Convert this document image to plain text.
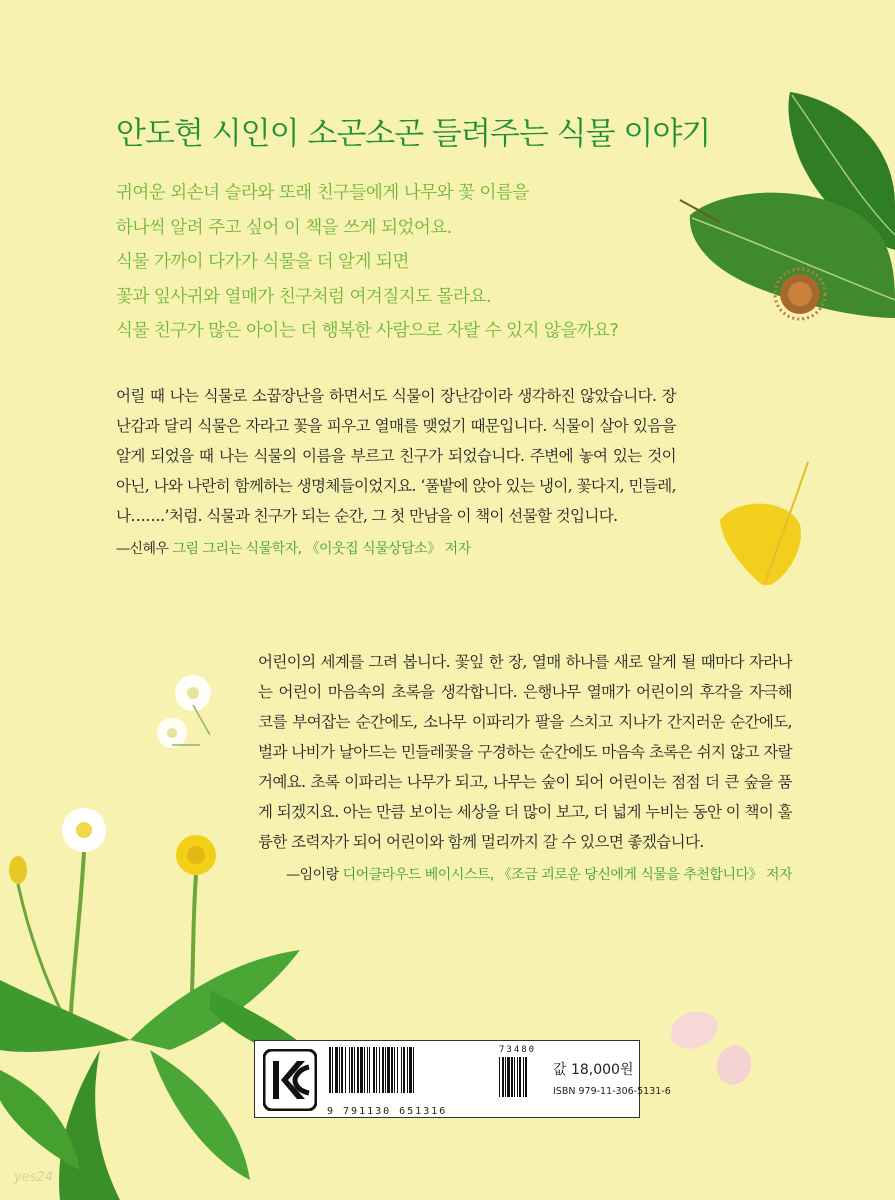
안도현 시인이 소곤소곤 들려주는 식물 이야기
귀여운 외손녀 슬라와 또래 친구들에게 나무와 꽃 이름을
하나씩 알려 주고 싶어 이 책을 쓰게 되었어요.
식물 가까이 다가가 식물을 더 알게 되면
꽃과 잎사귀와 열매가 친구처럼 여겨질지도 몰라요.
식물 친구가 많은 아이는 더 행복한 사람으로 자랄 수 있지 않을까요?

어릴 때 나는 식물로 소꿉장난을 하면서도 식물이 장난감이라 생각하진 않았습니다. 장난감과 달리 식물은 자라고 꽃을 피우고 열매를 맺었기 때문입니다. 식물이 살아 있음을 알게 되었을 때 나는 식물의 이름을 부르고 친구가 되었습니다. 주변에 놓여 있는 것이 아닌, 나와 나란히 함께하는 생명체들이었지요. ‘풀밭에 앉아 있는 냉이, 꽃다지, 민들레, 나…….’처럼. 식물과 친구가 되는 순간, 그 첫 만남을 이 책이 선물할 것입니다.

—신혜우 그림 그리는 식물학자, 《이웃집 식물상담소》 저자

어린이의 세계를 그려 봅니다. 꽃잎 한 장, 열매 하나를 새로 알게 될 때마다 자라나는 어린이 마음속의 초록을 생각합니다. 은행나무 열매가 어린이의 후각을 자극해 코를 부여잡는 순간에도, 소나무 이파리가 팔을 스치고 지나가 간지러운 순간에도, 벌과 나비가 날아드는 민들레꽃을 구경하는 순간에도 마음속 초록은 쉬지 않고 자랄 거예요. 초록 이파리는 나무가 되고, 나무는 숲이 되어 어린이는 점점 더 큰 숲을 품게 되겠지요. 아는 만큼 보이는 세상을 더 많이 보고, 더 넓게 누비는 동안 이 책이 훌륭한 조력자가 되어 어린이와 함께 멀리까지 갈 수 있으면 좋겠습니다.

—임이랑 디어클라우드 베이시스트, 《조금 괴로운 당신에게 식물을 추천합니다》 저자
9 791130 651316
73480
값 18,000원
ISBN 979-11-306-5131-6
yes24
